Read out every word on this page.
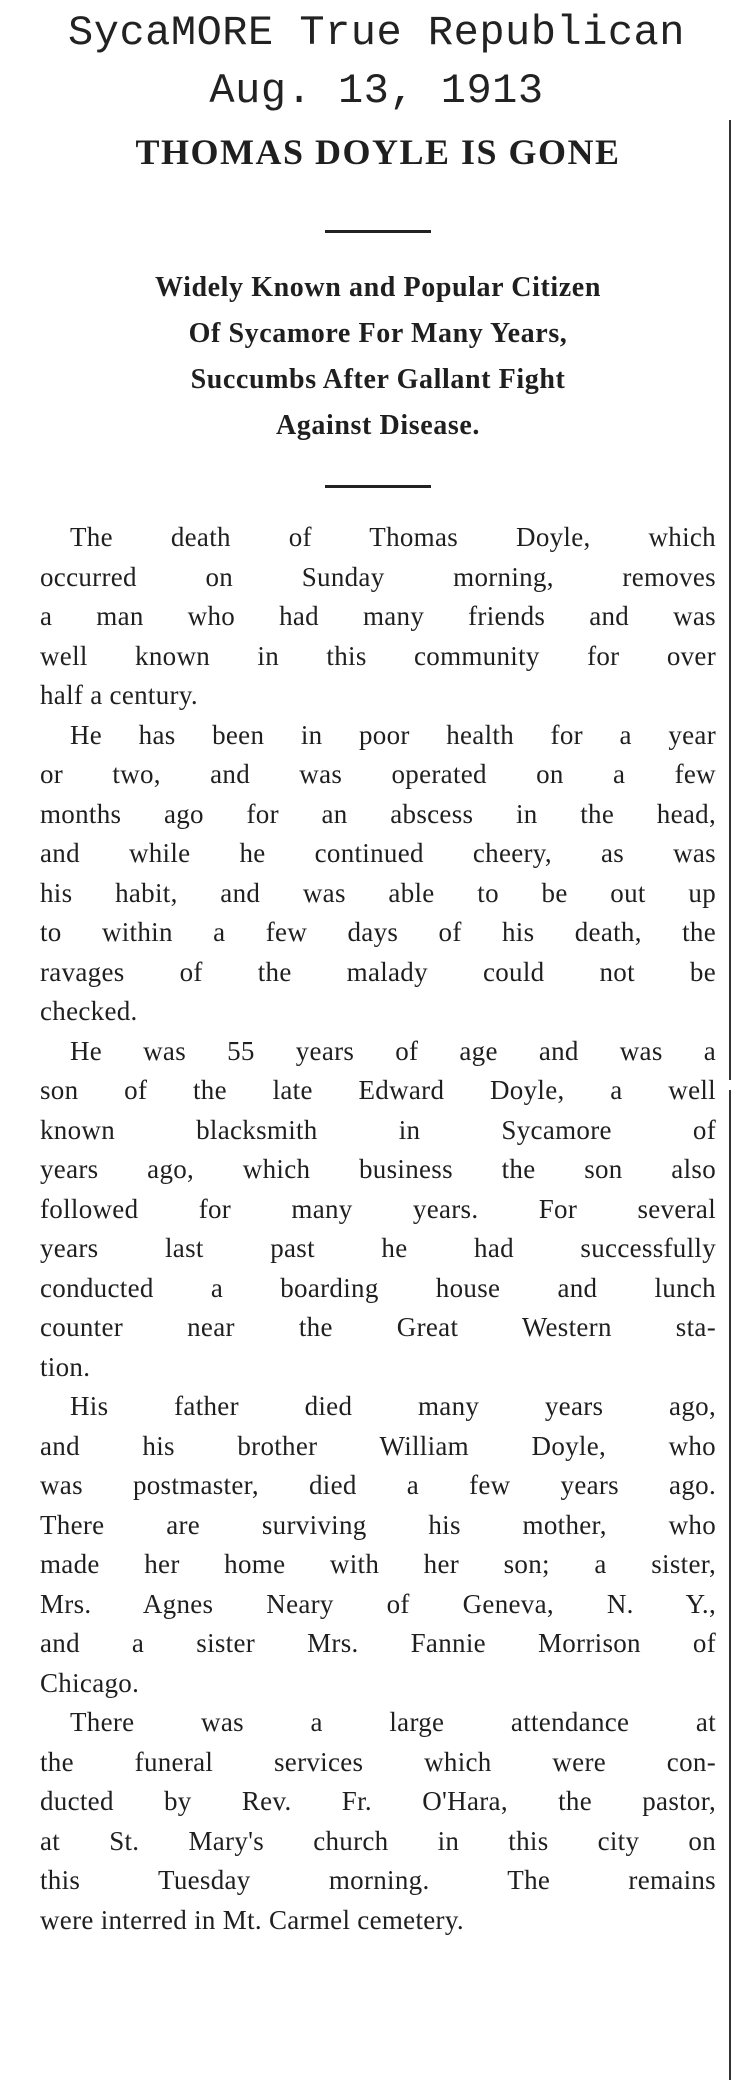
SycaMORE True Republican
Aug. 13, 1913
THOMAS DOYLE IS GONE
Widely Known and Popular Citizen
Of Sycamore For Many Years,
Succumbs After Gallant Fight
Against Disease.
The death of Thomas Doyle, which
occurred on Sunday morning, removes
a man who had many friends and was
well known in this community for over
half a century.
He has been in poor health for a year
or two, and was operated on a few
months ago for an abscess in the head,
and while he continued cheery, as was
his habit, and was able to be out up
to within a few days of his death, the
ravages of the malady could not be
checked.
He was 55 years of age and was a
son of the late Edward Doyle, a well
known blacksmith in Sycamore of
years ago, which business the son also
followed for many years. For several
years last past he had successfully
conducted a boarding house and lunch
counter near the Great Western sta-
tion.
His father died many years ago,
and his brother William Doyle, who
was postmaster, died a few years ago.
There are surviving his mother, who
made her home with her son; a sister,
Mrs. Agnes Neary of Geneva, N. Y.,
and a sister Mrs. Fannie Morrison of
Chicago.
There was a large attendance at
the funeral services which were con-
ducted by Rev. Fr. O'Hara, the pastor,
at St. Mary's church in this city on
this Tuesday morning. The remains
were interred in Mt. Carmel cemetery.
